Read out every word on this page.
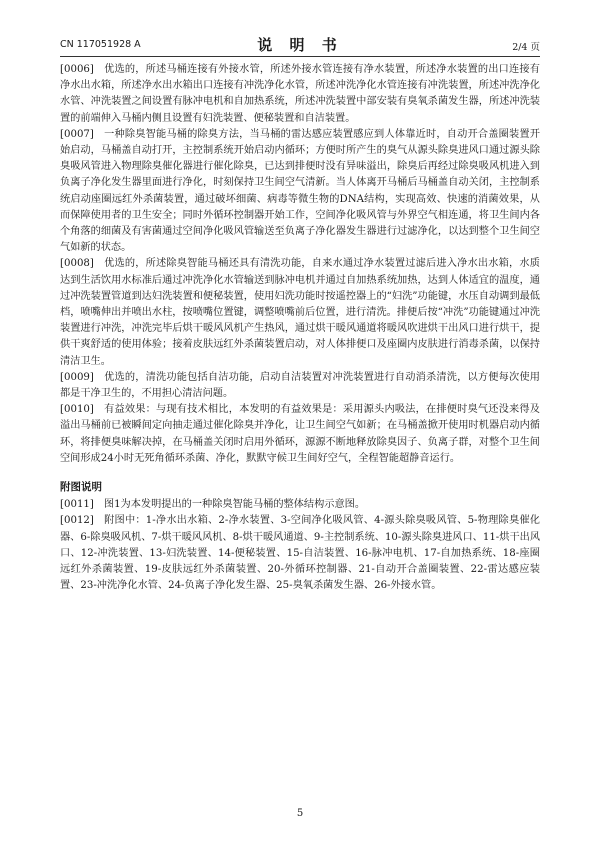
CN 117051928 A	说 明 书	2/4 页

[0006] 优选的，所述马桶连接有外接水管，所述外接水管连接有净水装置，所述净水装置的出口连接有净水出水箱，所述净水出水箱出口连接有冲洗净化水管，所述冲洗净化水管连接有冲洗装置，所述冲洗净化水管、冲洗装置之间设置有脉冲电机和自加热系统，所述冲洗装置中部安装有臭氧杀菌发生器，所述冲洗装置的前端伸入马桶内侧且设置有妇洗装置、便秘装置和自洁装置。

[0007] 一种除臭智能马桶的除臭方法，当马桶的雷达感应装置感应到人体靠近时，自动开合盖圈装置开始启动，马桶盖自动打开，主控制系统开始启动内循环；方便时所产生的臭气从源头除臭进风口通过源头除臭吸风管进入物理除臭催化器进行催化除臭，已达到排便时没有异味溢出，除臭后再经过除臭吸风机进入到负离子净化发生器里面进行净化，时刻保持卫生间空气清新。当人体离开马桶后马桶盖自动关闭，主控制系统启动座圈远红外杀菌装置，通过破坏细菌、病毒等微生物的DNA结构，实现高效、快速的消菌效果，从而保障使用者的卫生安全；同时外循环控制器开始工作，空间净化吸风管与外界空气相连通，将卫生间内各个角落的细菌及有害菌通过空间净化吸风管输送至负离子净化器发生器进行过滤净化，以达到整个卫生间空气如新的状态。

[0008] 优选的，所述除臭智能马桶还具有清洗功能，自来水通过净水装置过滤后进入净水出水箱，水质达到生活饮用水标准后通过冲洗净化水管输送到脉冲电机并通过自加热系统加热，达到人体适宜的温度，通过冲洗装置管道到达妇洗装置和便秘装置，使用妇洗功能时按遥控器上的“妇洗”功能键，水压自动调到最低档，喷嘴伸出并喷出水柱，按喷嘴位置键，调整喷嘴前后位置，进行清洗。排便后按“冲洗”功能键通过冲洗装置进行冲洗，冲洗完毕后烘干暖风风机产生热风，通过烘干暖风通道将暖风吹进烘干出风口进行烘干，提供干爽舒适的使用体验；接着皮肤远红外杀菌装置启动，对人体排便口及座圈内皮肤进行消毒杀菌，以保持清洁卫生。

[0009] 优选的，清洗功能包括自洁功能，启动自洁装置对冲洗装置进行自动消杀清洗，以方便每次使用都是干净卫生的，不用担心清洁问题。

[0010] 有益效果：与现有技术相比，本发明的有益效果是：采用源头内吸法，在排便时臭气还没来得及溢出马桶前已被瞬间定向抽走通过催化除臭并净化，让卫生间空气如新；在马桶盖掀开使用时机器启动内循环，将排便臭味解决掉，在马桶盖关闭时启用外循环，源源不断地释放除臭因子、负离子群，对整个卫生间空间形成24小时无死角循环杀菌、净化，默默守候卫生间好空气，全程智能超静音运行。

附图说明

[0011] 图1为本发明提出的一种除臭智能马桶的整体结构示意图。

[0012] 附图中：1-净水出水箱、2-净水装置、3-空间净化吸风管、4-源头除臭吸风管、5-物理除臭催化器、6-除臭吸风机、7-烘干暖风风机、8-烘干暖风通道、9-主控制系统、10-源头除臭进风口、11-烘干出风口、12-冲洗装置、13-妇洗装置、14-便秘装置、15-自洁装置、16-脉冲电机、17-自加热系统、18-座圈远红外杀菌装置、19-皮肤远红外杀菌装置、20-外循环控制器、21-自动开合盖圈装置、22-雷达感应装置、23-冲洗净化水管、24-负离子净化发生器、25-臭氧杀菌发生器、26-外接水管。

5
